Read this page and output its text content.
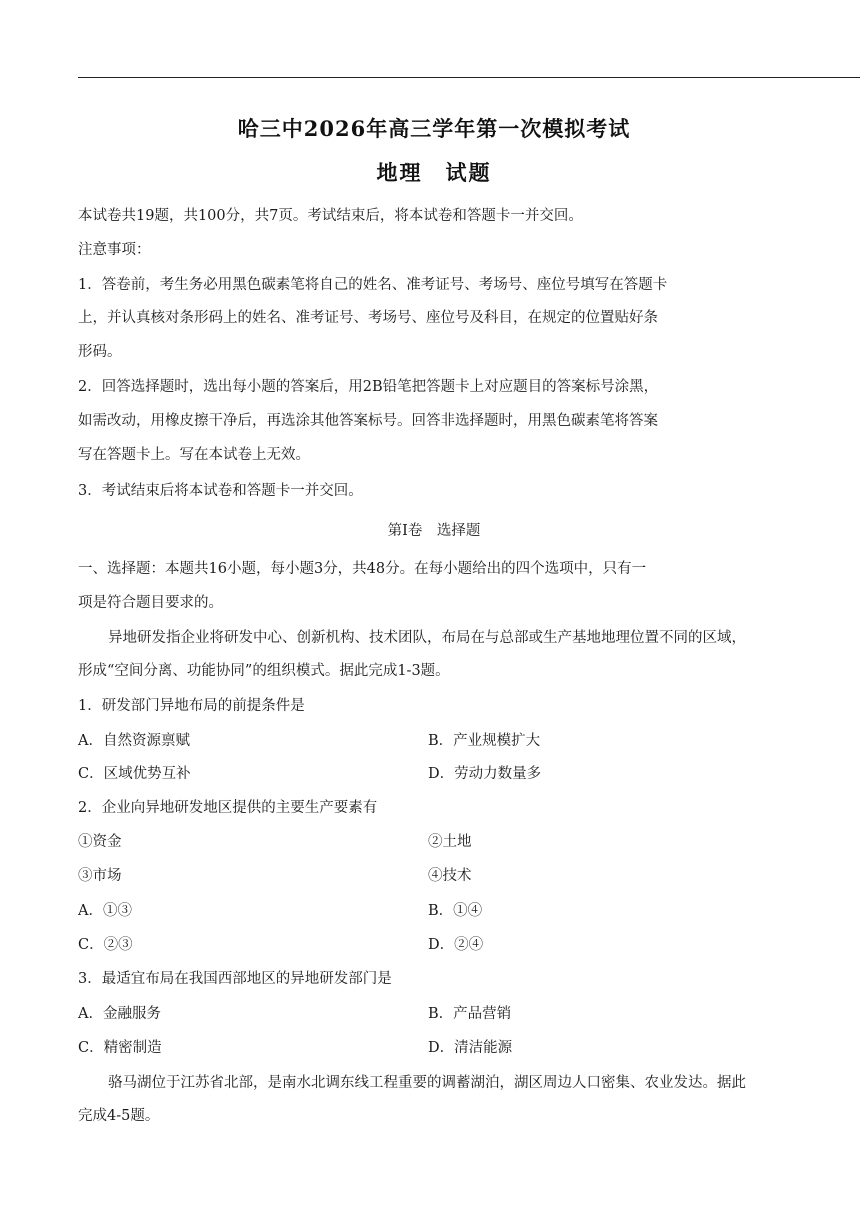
哈三中2026年高三学年第一次模拟考试
地理　试题
本试卷共19题，共100分，共7页。考试结束后，将本试卷和答题卡一并交回。
注意事项：
1．答卷前，考生务必用黑色碳素笔将自己的姓名、准考证号、考场号、座位号填写在答题卡
上，并认真核对条形码上的姓名、准考证号、考场号、座位号及科目，在规定的位置贴好条
形码。
2．回答选择题时，选出每小题的答案后，用2B铅笔把答题卡上对应题目的答案标号涂黑，
如需改动，用橡皮擦干净后，再选涂其他答案标号。回答非选择题时，用黑色碳素笔将答案
写在答题卡上。写在本试卷上无效。
3．考试结束后将本试卷和答题卡一并交回。
第Ⅰ卷　选择题
一、选择题：本题共16小题，每小题3分，共48分。在每小题给出的四个选项中，只有一
项是符合题目要求的。
异地研发指企业将研发中心、创新机构、技术团队，布局在与总部或生产基地地理位置不同的区域，
形成“空间分离、功能协同”的组织模式。据此完成1-3题。
1．研发部门异地布局的前提条件是
A．自然资源禀赋	B．产业规模扩大
C．区域优势互补	D．劳动力数量多
2．企业向异地研发地区提供的主要生产要素有
①资金	②土地
③市场	④技术
A．①③	B．①④
C．②③	D．②④
3．最适宜布局在我国西部地区的异地研发部门是
A．金融服务	B．产品营销
C．精密制造	D．清洁能源
骆马湖位于江苏省北部，是南水北调东线工程重要的调蓄湖泊，湖区周边人口密集、农业发达。据此
完成4-5题。
